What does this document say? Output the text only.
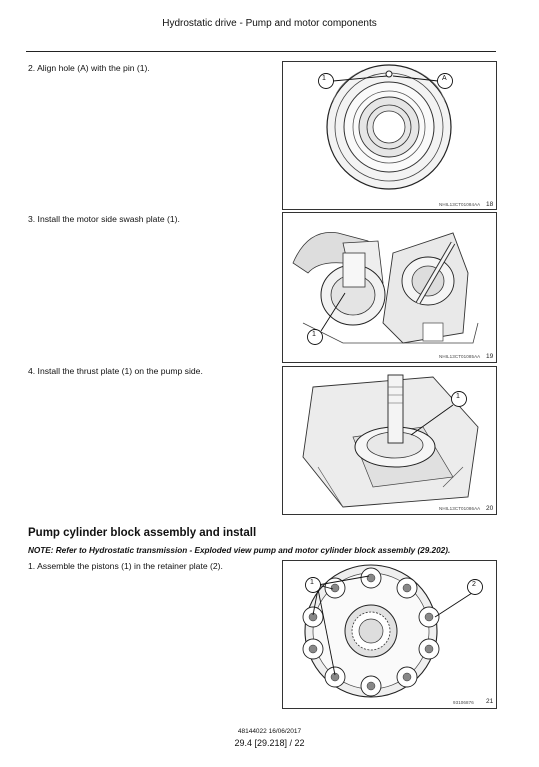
Hydrostatic drive - Pump and motor components
2. Align hole (A) with the pin (1).
1	A
NHIL13CT01084AA 18
3. Install the motor side swash plate (1).
1
NHIL13CT01085AA 19
4. Install the thrust plate (1) on the pump side.
1
NHIL13CT01086AA 20
Pump cylinder block assembly and install
NOTE: Refer to Hydrostatic transmission - Exploded view pump and motor cylinder block assembly (29.202).
1. Assemble the pistons (1) in the retainer plate (2).
1	2
93106876 21
48144022 16/06/2017
29.4 [29.218] / 22
